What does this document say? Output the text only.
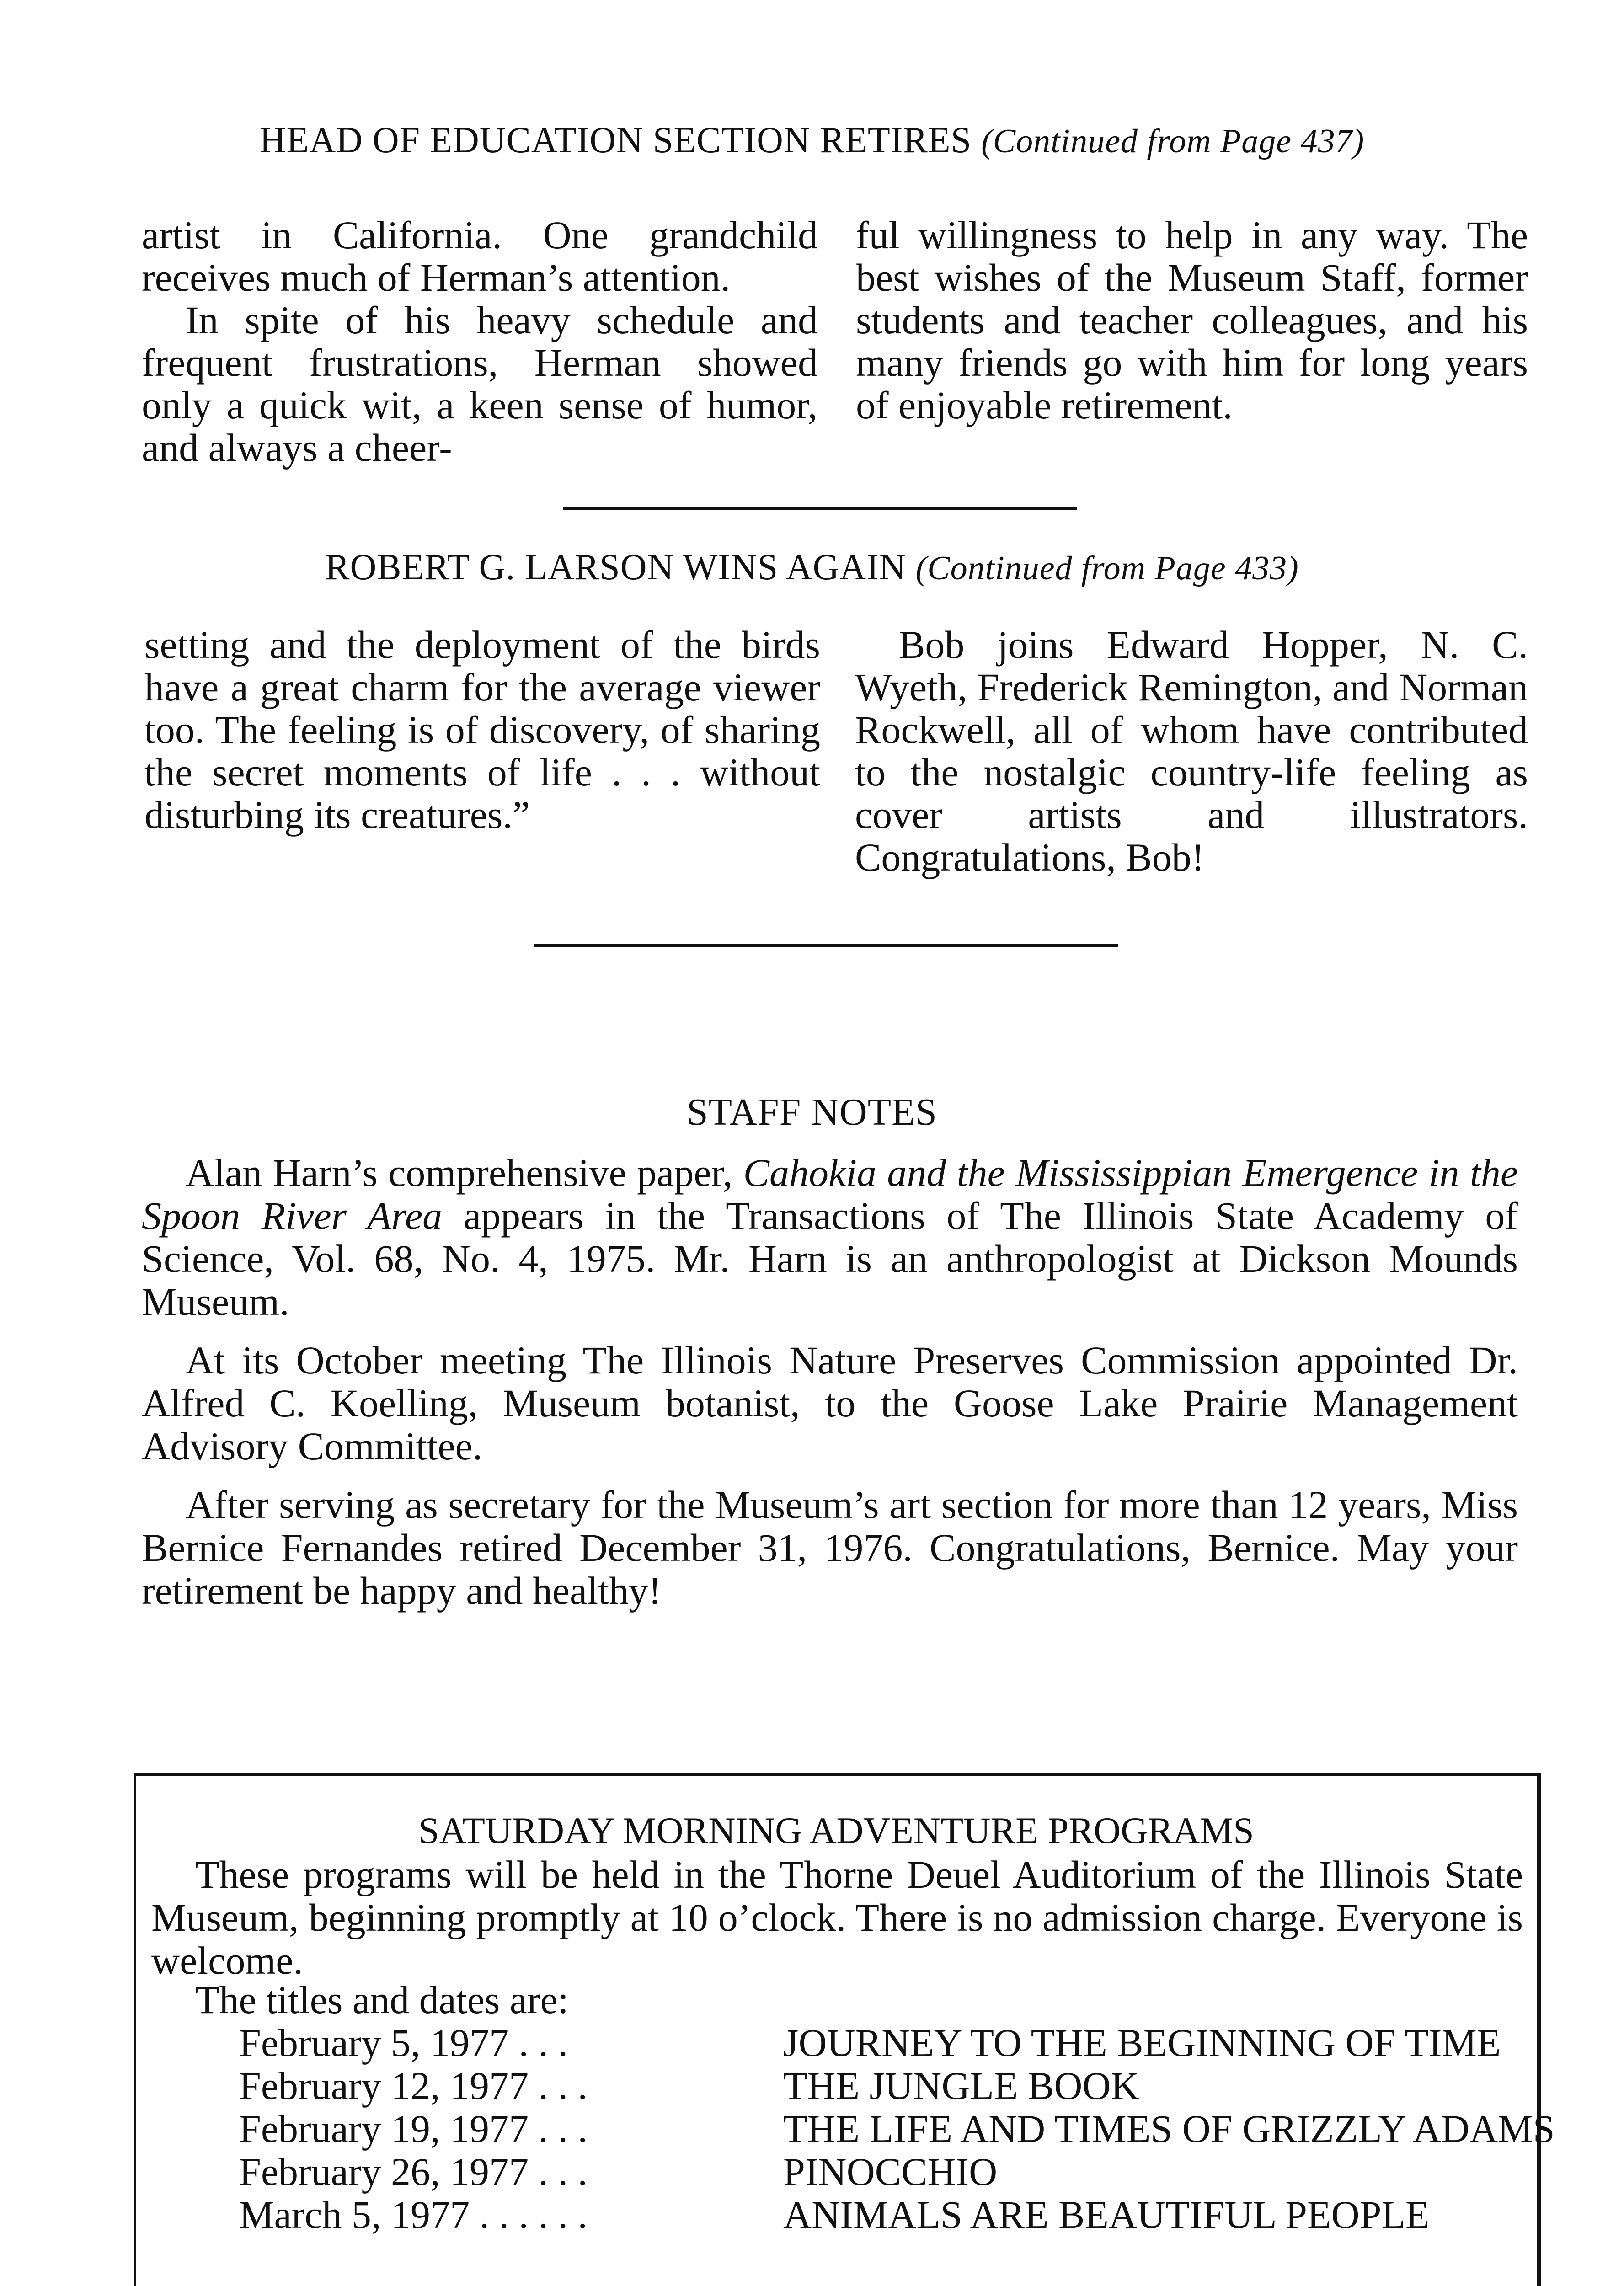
HEAD OF EDUCATION SECTION RETIRES (Continued from Page 437)

artist in California. One grandchild receives much of Herman’s attention.

In spite of his heavy schedule and frequent frustrations, Herman showed only a quick wit, a keen sense of humor, and always a cheer-

ful willingness to help in any way. The best wishes of the Museum Staff, former students and teacher colleagues, and his many friends go with him for long years of enjoyable retirement.

ROBERT G. LARSON WINS AGAIN (Continued from Page 433)

setting and the deployment of the birds have a great charm for the average viewer too. The feeling is of discovery, of sharing the secret moments of life . . . without disturbing its creatures.”

Bob joins Edward Hopper, N. C. Wyeth, Frederick Remington, and Norman Rockwell, all of whom have contributed to the nostalgic country-life feeling as cover artists and illustrators. Congratulations, Bob!

STAFF NOTES

Alan Harn’s comprehensive paper, Cahokia and the Mississippian Emergence in the Spoon River Area appears in the Transactions of The Illinois State Academy of Science, Vol. 68, No. 4, 1975. Mr. Harn is an anthropologist at Dickson Mounds Museum.

At its October meeting The Illinois Nature Preserves Commission appointed Dr. Alfred C. Koelling, Museum botanist, to the Goose Lake Prairie Management Advisory Committee.

After serving as secretary for the Museum’s art section for more than 12 years, Miss Bernice Fernandes retired December 31, 1976. Congratulations, Bernice. May your retirement be happy and healthy!

SATURDAY MORNING ADVENTURE PROGRAMS
These programs will be held in the Thorne Deuel Auditorium of the Illinois State Museum, beginning promptly at 10 o’clock. There is no admission charge. Everyone is welcome.
The titles and dates are:
February 5, 1977 . . .	JOURNEY TO THE BEGINNING OF TIME
February 12, 1977 . . .	THE JUNGLE BOOK
February 19, 1977 . . .	THE LIFE AND TIMES OF GRIZZLY ADAMS
February 26, 1977 . . .	PINOCCHIO
March 5, 1977 . . . . . .	ANIMALS ARE BEAUTIFUL PEOPLE
